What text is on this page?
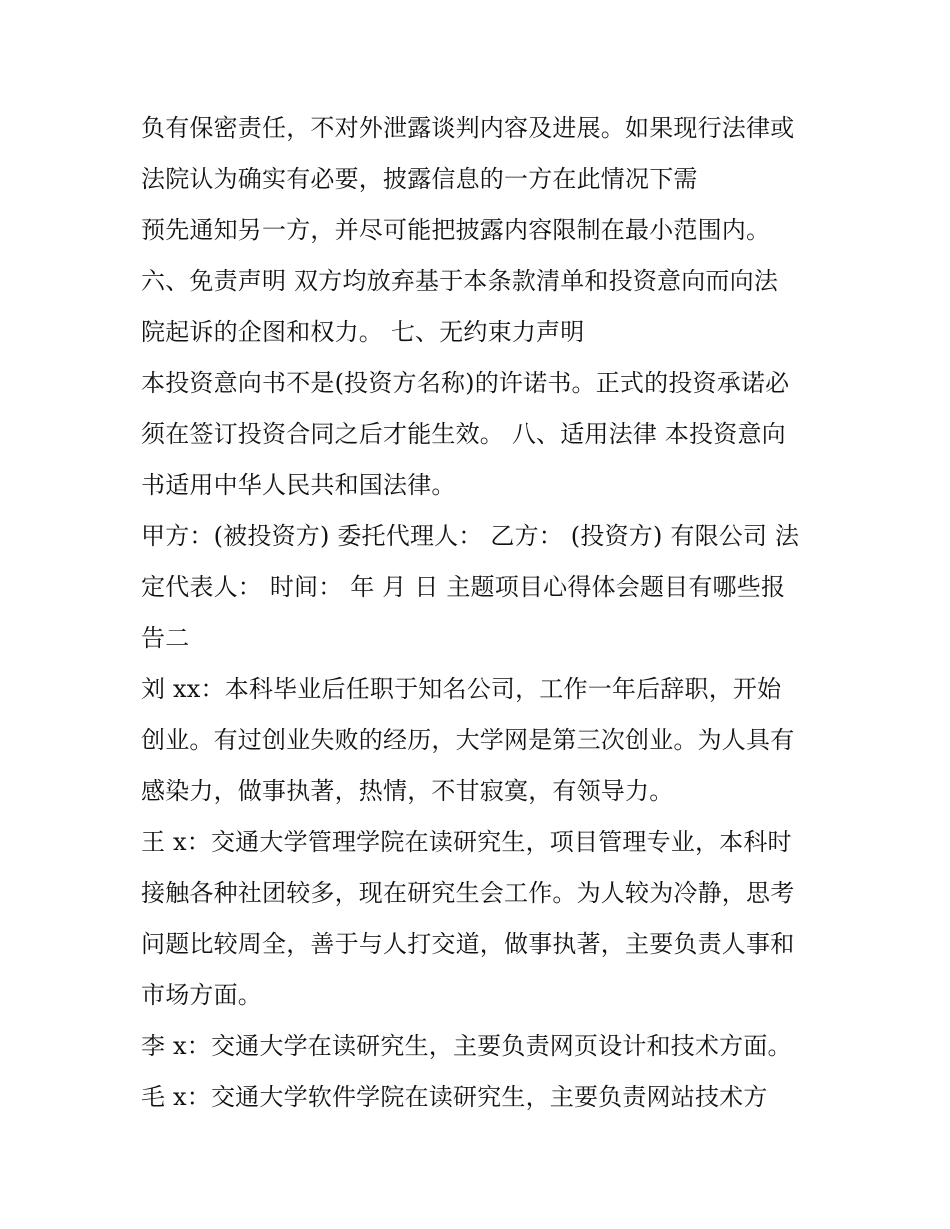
负有保密责任，不对外泄露谈判内容及进展。如果现行法律或
法院认为确实有必要，披露信息的一方在此情况下需
预先通知另一方，并尽可能把披露内容限制在最小范围内。
六、免责声明 双方均放弃基于本条款清单和投资意向而向法
院起诉的企图和权力。 七、无约束力声明
本投资意向书不是(投资方名称)的许诺书。正式的投资承诺必
须在签订投资合同之后才能生效。 八、适用法律 本投资意向
书适用中华人民共和国法律。
甲方：(被投资方) 委托代理人： 乙方： (投资方) 有限公司 法
定代表人： 时间： 年 月 日 主题项目心得体会题目有哪些报
告二
刘 xx：本科毕业后任职于知名公司，工作一年后辞职，开始
创业。有过创业失败的经历，大学网是第三次创业。为人具有
感染力，做事执著，热情，不甘寂寞，有领导力。
王 x：交通大学管理学院在读研究生，项目管理专业，本科时
接触各种社团较多，现在研究生会工作。为人较为冷静，思考
问题比较周全，善于与人打交道，做事执著，主要负责人事和
市场方面。
李 x：交通大学在读研究生，主要负责网页设计和技术方面。
毛 x：交通大学软件学院在读研究生，主要负责网站技术方
